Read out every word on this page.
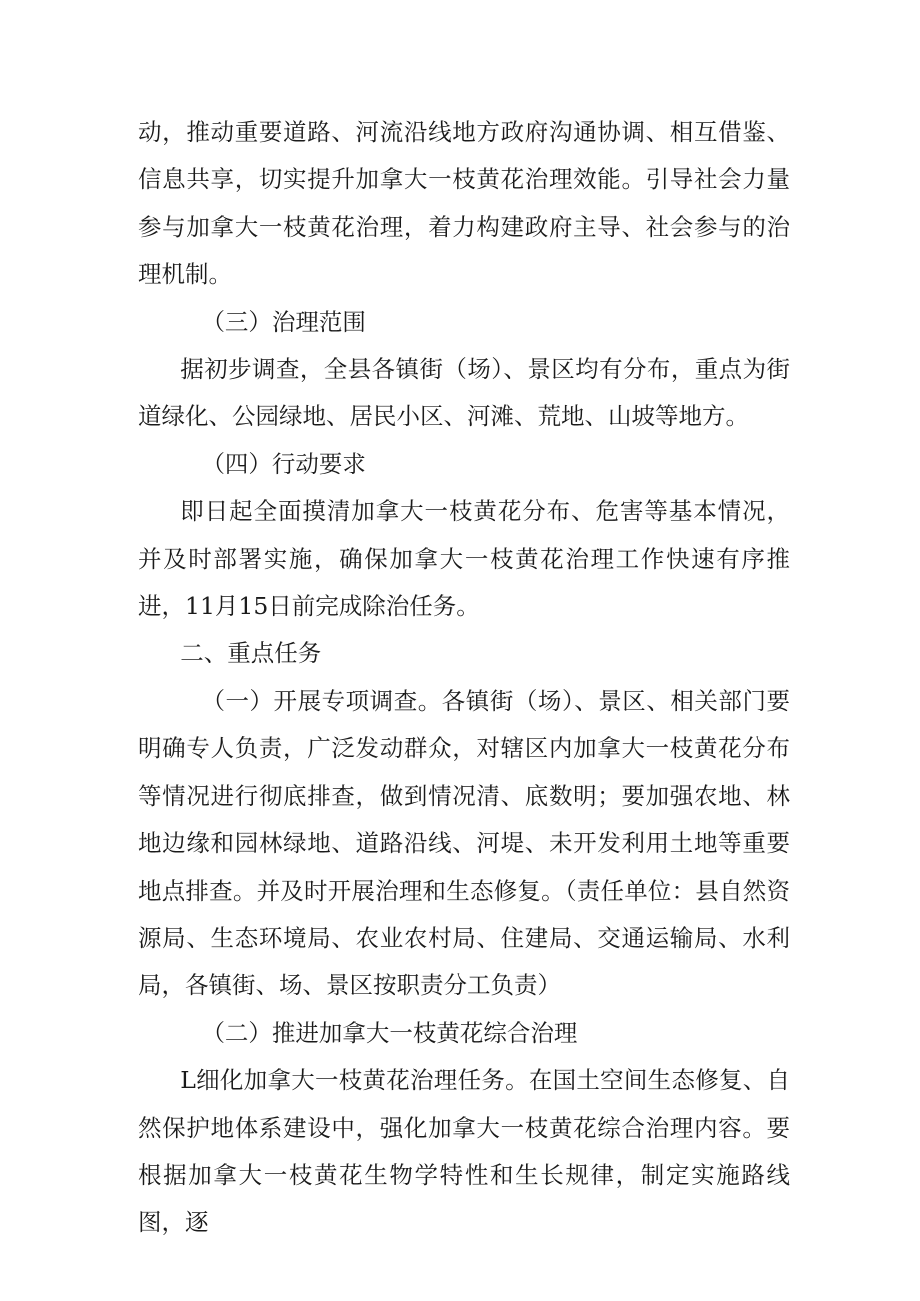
动，推动重要道路、河流沿线地方政府沟通协调、相互借鉴、信息共享，切实提升加拿大一枝黄花治理效能。引导社会力量参与加拿大一枝黄花治理，着力构建政府主导、社会参与的治理机制。

（三）治理范围

据初步调查，全县各镇街（场）、景区均有分布，重点为街道绿化、公园绿地、居民小区、河滩、荒地、山坡等地方。

（四）行动要求

即日起全面摸清加拿大一枝黄花分布、危害等基本情况，并及时部署实施，确保加拿大一枝黄花治理工作快速有序推进，11月15日前完成除治任务。

二、重点任务

（一）开展专项调查。各镇街（场）、景区、相关部门要明确专人负责，广泛发动群众，对辖区内加拿大一枝黄花分布等情况进行彻底排查，做到情况清、底数明；要加强农地、林地边缘和园林绿地、道路沿线、河堤、未开发利用土地等重要地点排查。并及时开展治理和生态修复。（责任单位：县自然资源局、生态环境局、农业农村局、住建局、交通运输局、水利局，各镇街、场、景区按职责分工负责）

（二）推进加拿大一枝黄花综合治理

L细化加拿大一枝黄花治理任务。在国土空间生态修复、自然保护地体系建设中，强化加拿大一枝黄花综合治理内容。要根据加拿大一枝黄花生物学特性和生长规律，制定实施路线图，逐
